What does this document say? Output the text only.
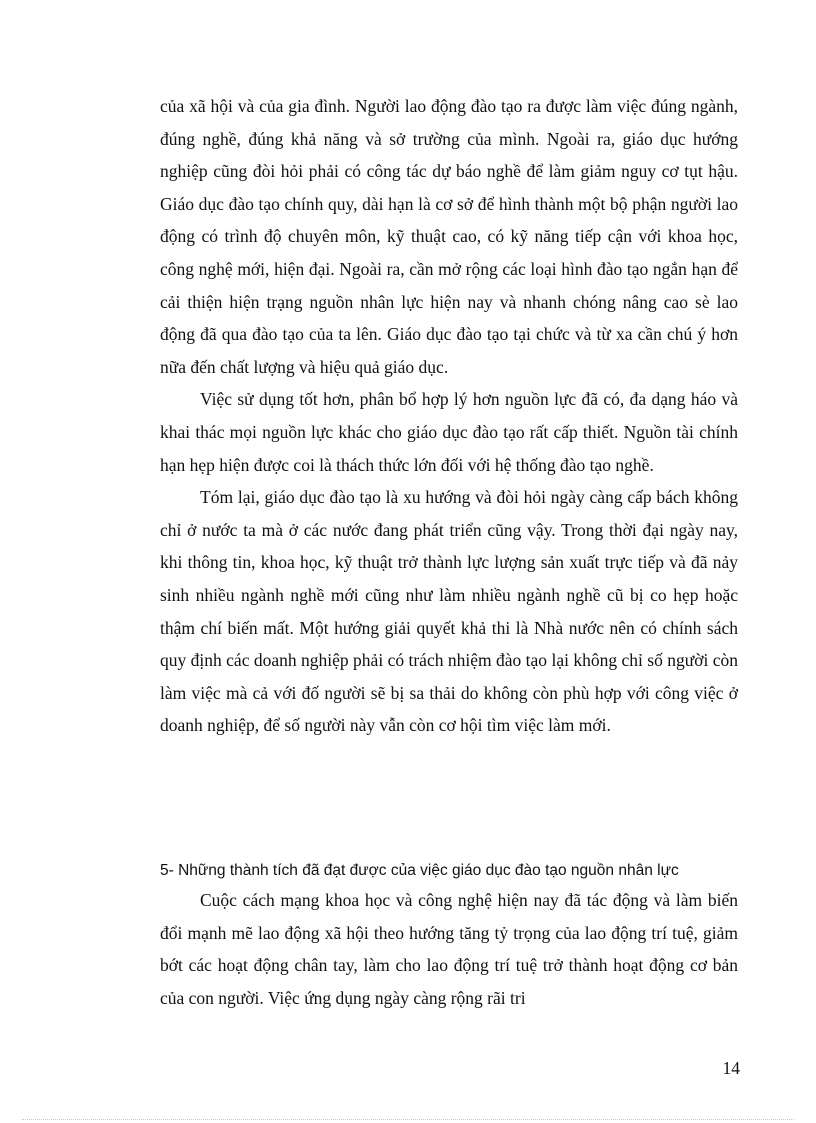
của xã hội và của gia đình. Người lao động đào tạo ra được làm việc đúng ngành, đúng nghề, đúng khả năng và sở trường của mình. Ngoài ra, giáo dục hướng nghiệp cũng đòi hỏi phải có công tác dự báo nghề để làm giảm nguy cơ tụt hậu. Giáo dục đào tạo chính quy, dài hạn là cơ sở để hình thành một bộ phận người lao động có trình độ chuyên môn, kỹ thuật cao, có kỹ năng tiếp cận với khoa học, công nghệ mới, hiện đại. Ngoài ra, cần mở rộng các loại hình đào tạo ngắn hạn để cải thiện hiện trạng nguồn nhân lực hiện nay và nhanh chóng nâng cao sè lao động đã qua đào tạo của ta lên. Giáo dục đào tạo tại chức và từ xa cần chú ý hơn nữa đến chất lượng và hiệu quả giáo dục.

Việc sử dụng tốt hơn, phân bổ hợp lý hơn nguồn lực đã có, đa dạng háo và khai thác mọi nguồn lực khác cho giáo dục đào tạo rất cấp thiết. Nguồn tài chính hạn hẹp hiện được coi là thách thức lớn đối với hệ thống đào tạo nghề.

Tóm lại, giáo dục đào tạo là xu hướng và đòi hỏi ngày càng cấp bách không chỉ ở nước ta mà ở các nước đang phát triển cũng vậy. Trong thời đại ngày nay, khi thông tin, khoa học, kỹ thuật trở thành lực lượng sản xuất trực tiếp và đã nảy sinh nhiều ngành nghề mới cũng như làm nhiều ngành nghề cũ bị co hẹp hoặc thậm chí biến mất. Một hướng giải quyết khả thi là Nhà nước nên có chính sách quy định các doanh nghiệp phải có trách nhiệm đào tạo lại không chỉ số người còn làm việc mà cả với đố người sẽ bị sa thải do không còn phù hợp với công việc ở doanh nghiệp, để số người này vẫn còn cơ hội tìm việc làm mới.

5- Những thành tích đã đạt được của việc giáo dục đào tạo nguồn nhân lực

Cuộc cách mạng khoa học và công nghệ hiện nay đã tác động và làm biến đổi mạnh mẽ lao động xã hội theo hướng tăng tỷ trọng của lao động trí tuệ, giảm bớt các hoạt động chân tay, làm cho lao động trí tuệ trở thành hoạt động cơ bản của con người. Việc ứng dụng ngày càng rộng rãi tri

14
